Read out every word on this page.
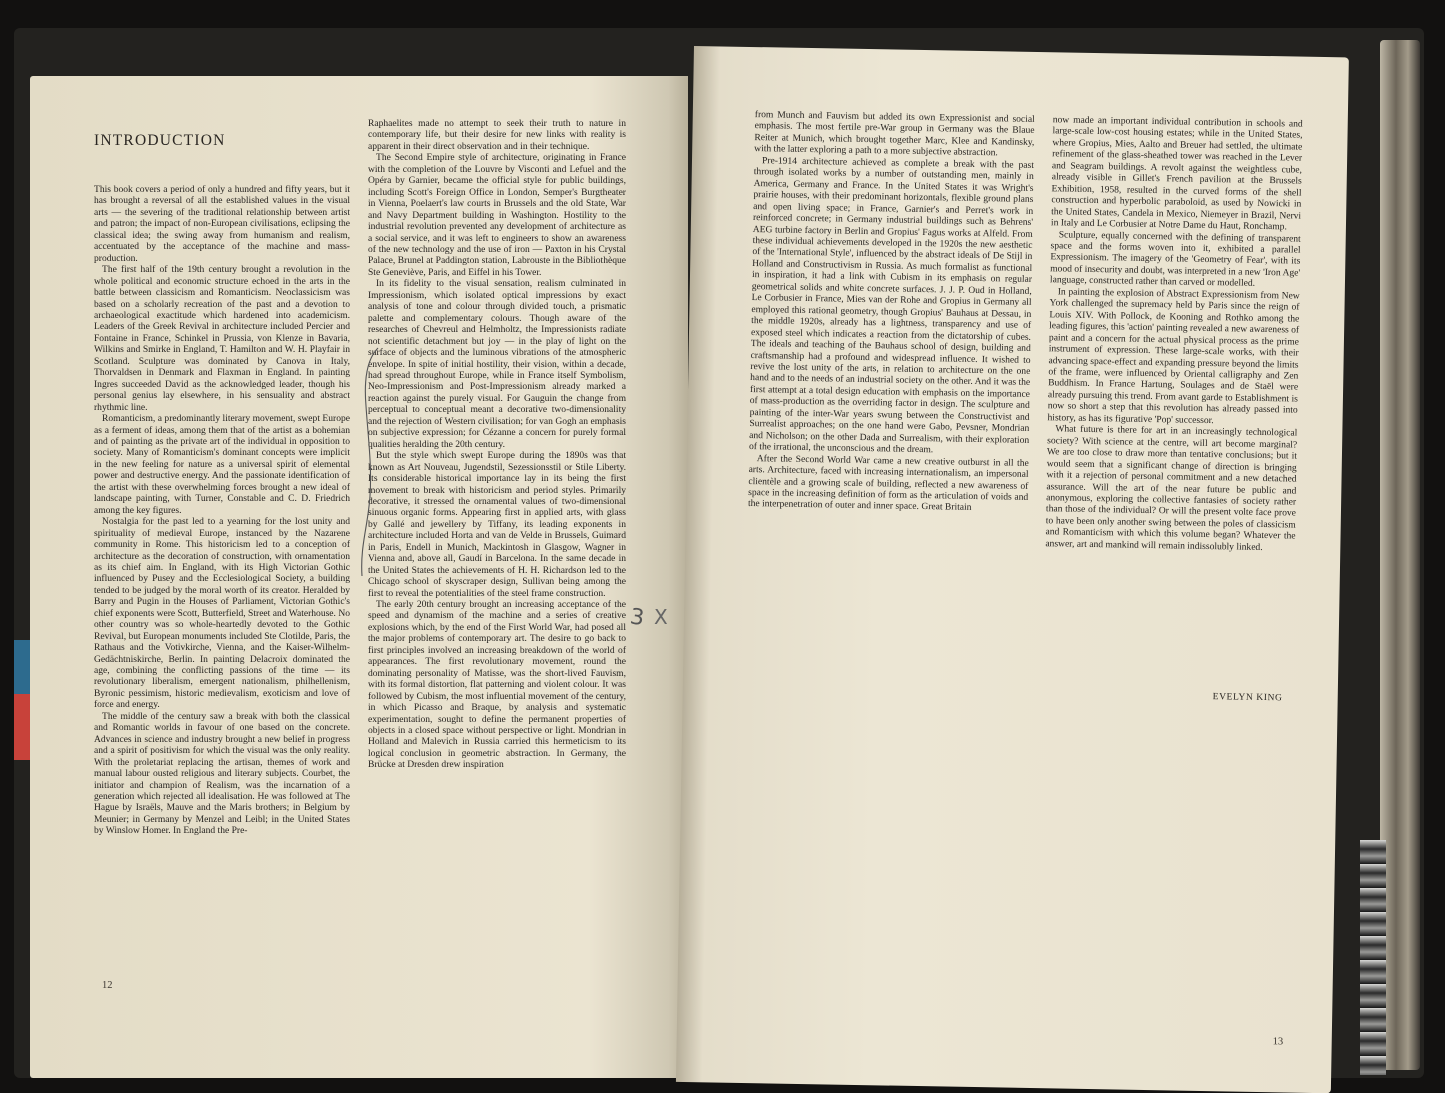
INTRODUCTION

This book covers a period of only a hundred and fifty years, but it has brought a reversal of all the established values in the visual arts — the severing of the traditional relationship between artist and patron; the impact of non-European civilisations, eclipsing the classical idea; the swing away from humanism and realism, accentuated by the acceptance of the machine and mass-production.

The first half of the 19th century brought a revolution in the whole political and economic structure echoed in the arts in the battle between classicism and Romanticism. Neoclassicism was based on a scholarly recreation of the past and a devotion to archaeological exactitude which hardened into academicism. Leaders of the Greek Revival in architecture included Percier and Fontaine in France, Schinkel in Prussia, von Klenze in Bavaria, Wilkins and Smirke in England, T. Hamilton and W. H. Playfair in Scotland. Sculpture was dominated by Canova in Italy, Thorvaldsen in Denmark and Flaxman in England. In painting Ingres succeeded David as the acknowledged leader, though his personal genius lay elsewhere, in his sensuality and abstract rhythmic line.

Romanticism, a predominantly literary movement, swept Europe as a ferment of ideas, among them that of the artist as a bohemian and of painting as the private art of the individual in opposition to society. Many of Romanticism's dominant concepts were implicit in the new feeling for nature as a universal spirit of elemental power and destructive energy. And the passionate identification of the artist with these overwhelming forces brought a new ideal of landscape painting, with Turner, Constable and C. D. Friedrich among the key figures.

Nostalgia for the past led to a yearning for the lost unity and spirituality of medieval Europe, instanced by the Nazarene community in Rome. This historicism led to a conception of architecture as the decoration of construction, with ornamentation as its chief aim. In England, with its High Victorian Gothic influenced by Pusey and the Ecclesiological Society, a building tended to be judged by the moral worth of its creator. Heralded by Barry and Pugin in the Houses of Parliament, Victorian Gothic's chief exponents were Scott, Butterfield, Street and Waterhouse. No other country was so whole-heartedly devoted to the Gothic Revival, but European monuments included Ste Clotilde, Paris, the Rathaus and the Votivkirche, Vienna, and the Kaiser-Wilhelm-Gedächtniskirche, Berlin. In painting Delacroix dominated the age, combining the conflicting passions of the time — its revolutionary liberalism, emergent nationalism, philhellenism, Byronic pessimism, historic medievalism, exoticism and love of force and energy.

The middle of the century saw a break with both the classical and Romantic worlds in favour of one based on the concrete. Advances in science and industry brought a new belief in progress and a spirit of positivism for which the visual was the only reality. With the proletariat replacing the artisan, themes of work and manual labour ousted religious and literary subjects. Courbet, the initiator and champion of Realism, was the incarnation of a generation which rejected all idealisation. He was followed at The Hague by Israëls, Mauve and the Maris brothers; in Belgium by Meunier; in Germany by Menzel and Leibl; in the United States by Winslow Homer. In England the Pre-

Raphaelites made no attempt to seek their truth to nature in contemporary life, but their desire for new links with reality is apparent in their direct observation and in their technique.

The Second Empire style of architecture, originating in France with the completion of the Louvre by Visconti and Lefuel and the Opéra by Garnier, became the official style for public buildings, including Scott's Foreign Office in London, Semper's Burgtheater in Vienna, Poelaert's law courts in Brussels and the old State, War and Navy Department building in Washington. Hostility to the industrial revolution prevented any development of architecture as a social service, and it was left to engineers to show an awareness of the new technology and the use of iron — Paxton in his Crystal Palace, Brunel at Paddington station, Labrouste in the Bibliothèque Ste Geneviève, Paris, and Eiffel in his Tower.

In its fidelity to the visual sensation, realism culminated in Impressionism, which isolated optical impressions by exact analysis of tone and colour through divided touch, a prismatic palette and complementary colours. Though aware of the researches of Chevreul and Helmholtz, the Impressionists radiate not scientific detachment but joy — in the play of light on the surface of objects and the luminous vibrations of the atmospheric envelope. In spite of initial hostility, their vision, within a decade, had spread throughout Europe, while in France itself Symbolism, Neo-Impressionism and Post-Impressionism already marked a reaction against the purely visual. For Gauguin the change from perceptual to conceptual meant a decorative two-dimensionality and the rejection of Western civilisation; for van Gogh an emphasis on subjective expression; for Cézanne a concern for purely formal qualities heralding the 20th century.

But the style which swept Europe during the 1890s was that known as Art Nouveau, Jugendstil, Sezessionsstil or Stile Liberty. Its considerable historical importance lay in its being the first movement to break with historicism and period styles. Primarily decorative, it stressed the ornamental values of two-dimensional sinuous organic forms. Appearing first in applied arts, with glass by Gallé and jewellery by Tiffany, its leading exponents in architecture included Horta and van de Velde in Brussels, Guimard in Paris, Endell in Munich, Mackintosh in Glasgow, Wagner in Vienna and, above all, Gaudí in Barcelona. In the same decade in the United States the achievements of H. H. Richardson led to the Chicago school of skyscraper design, Sullivan being among the first to reveal the potentialities of the steel frame construction.

The early 20th century brought an increasing acceptance of the speed and dynamism of the machine and a series of creative explosions which, by the end of the First World War, had posed all the major problems of contemporary art. The desire to go back to first principles involved an increasing breakdown of the world of appearances. The first revolutionary movement, round the dominating personality of Matisse, was the short-lived Fauvism, with its formal distortion, flat patterning and violent colour. It was followed by Cubism, the most influential movement of the century, in which Picasso and Braque, by analysis and systematic experimentation, sought to define the permanent properties of objects in a closed space without perspective or light. Mondrian in Holland and Malevich in Russia carried this hermeticism to its logical conclusion in geometric abstraction. In Germany, the Brücke at Dresden drew inspiration

12
3 X

from Munch and Fauvism but added its own Expressionist and social emphasis. The most fertile pre-War group in Germany was the Blaue Reiter at Munich, which brought together Marc, Klee and Kandinsky, with the latter exploring a path to a more subjective abstraction.

Pre-1914 architecture achieved as complete a break with the past through isolated works by a number of outstanding men, mainly in America, Germany and France. In the United States it was Wright's prairie houses, with their predominant horizontals, flexible ground plans and open living space; in France, Garnier's and Perret's work in reinforced concrete; in Germany industrial buildings such as Behrens' AEG turbine factory in Berlin and Gropius' Fagus works at Alfeld. From these individual achievements developed in the 1920s the new aesthetic of the 'International Style', influenced by the abstract ideals of De Stijl in Holland and Constructivism in Russia. As much formalist as functional in inspiration, it had a link with Cubism in its emphasis on regular geometrical solids and white concrete surfaces. J. J. P. Oud in Holland, Le Corbusier in France, Mies van der Rohe and Gropius in Germany all employed this rational geometry, though Gropius' Bauhaus at Dessau, in the middle 1920s, already has a lightness, transparency and use of exposed steel which indicates a reaction from the dictatorship of cubes. The ideals and teaching of the Bauhaus school of design, building and craftsmanship had a profound and widespread influence. It wished to revive the lost unity of the arts, in relation to architecture on the one hand and to the needs of an industrial society on the other. And it was the first attempt at a total design education with emphasis on the importance of mass-production as the overriding factor in design. The sculpture and painting of the inter-War years swung between the Constructivist and Surrealist approaches; on the one hand were Gabo, Pevsner, Mondrian and Nicholson; on the other Dada and Surrealism, with their exploration of the irrational, the unconscious and the dream.

After the Second World War came a new creative outburst in all the arts. Architecture, faced with increasing internationalism, an impersonal clientèle and a growing scale of building, reflected a new awareness of space in the increasing definition of form as the articulation of voids and the interpenetration of outer and inner space. Great Britain

now made an important individual contribution in schools and large-scale low-cost housing estates; while in the United States, where Gropius, Mies, Aalto and Breuer had settled, the ultimate refinement of the glass-sheathed tower was reached in the Lever and Seagram buildings. A revolt against the weightless cube, already visible in Gillet's French pavilion at the Brussels Exhibition, 1958, resulted in the curved forms of the shell construction and hyperbolic paraboloid, as used by Nowicki in the United States, Candela in Mexico, Niemeyer in Brazil, Nervi in Italy and Le Corbusier at Notre Dame du Haut, Ronchamp.

Sculpture, equally concerned with the defining of transparent space and the forms woven into it, exhibited a parallel Expressionism. The imagery of the 'Geometry of Fear', with its mood of insecurity and doubt, was interpreted in a new 'Iron Age' language, constructed rather than carved or modelled.

In painting the explosion of Abstract Expressionism from New York challenged the supremacy held by Paris since the reign of Louis XIV. With Pollock, de Kooning and Rothko among the leading figures, this 'action' painting revealed a new awareness of paint and a concern for the actual physical process as the prime instrument of expression. These large-scale works, with their advancing space-effect and expanding pressure beyond the limits of the frame, were influenced by Oriental calligraphy and Zen Buddhism. In France Hartung, Soulages and de Staël were already pursuing this trend. From avant garde to Establishment is now so short a step that this revolution has already passed into history, as has its figurative 'Pop' successor.

What future is there for art in an increasingly technological society? With science at the centre, will art become marginal? We are too close to draw more than tentative conclusions; but it would seem that a significant change of direction is bringing with it a rejection of personal commitment and a new detached assurance. Will the art of the near future be public and anonymous, exploring the collective fantasies of society rather than those of the individual? Or will the present volte face prove to have been only another swing between the poles of classicism and Romanticism with which this volume began? Whatever the answer, art and mankind will remain indissolubly linked.

EVELYN KING
13
